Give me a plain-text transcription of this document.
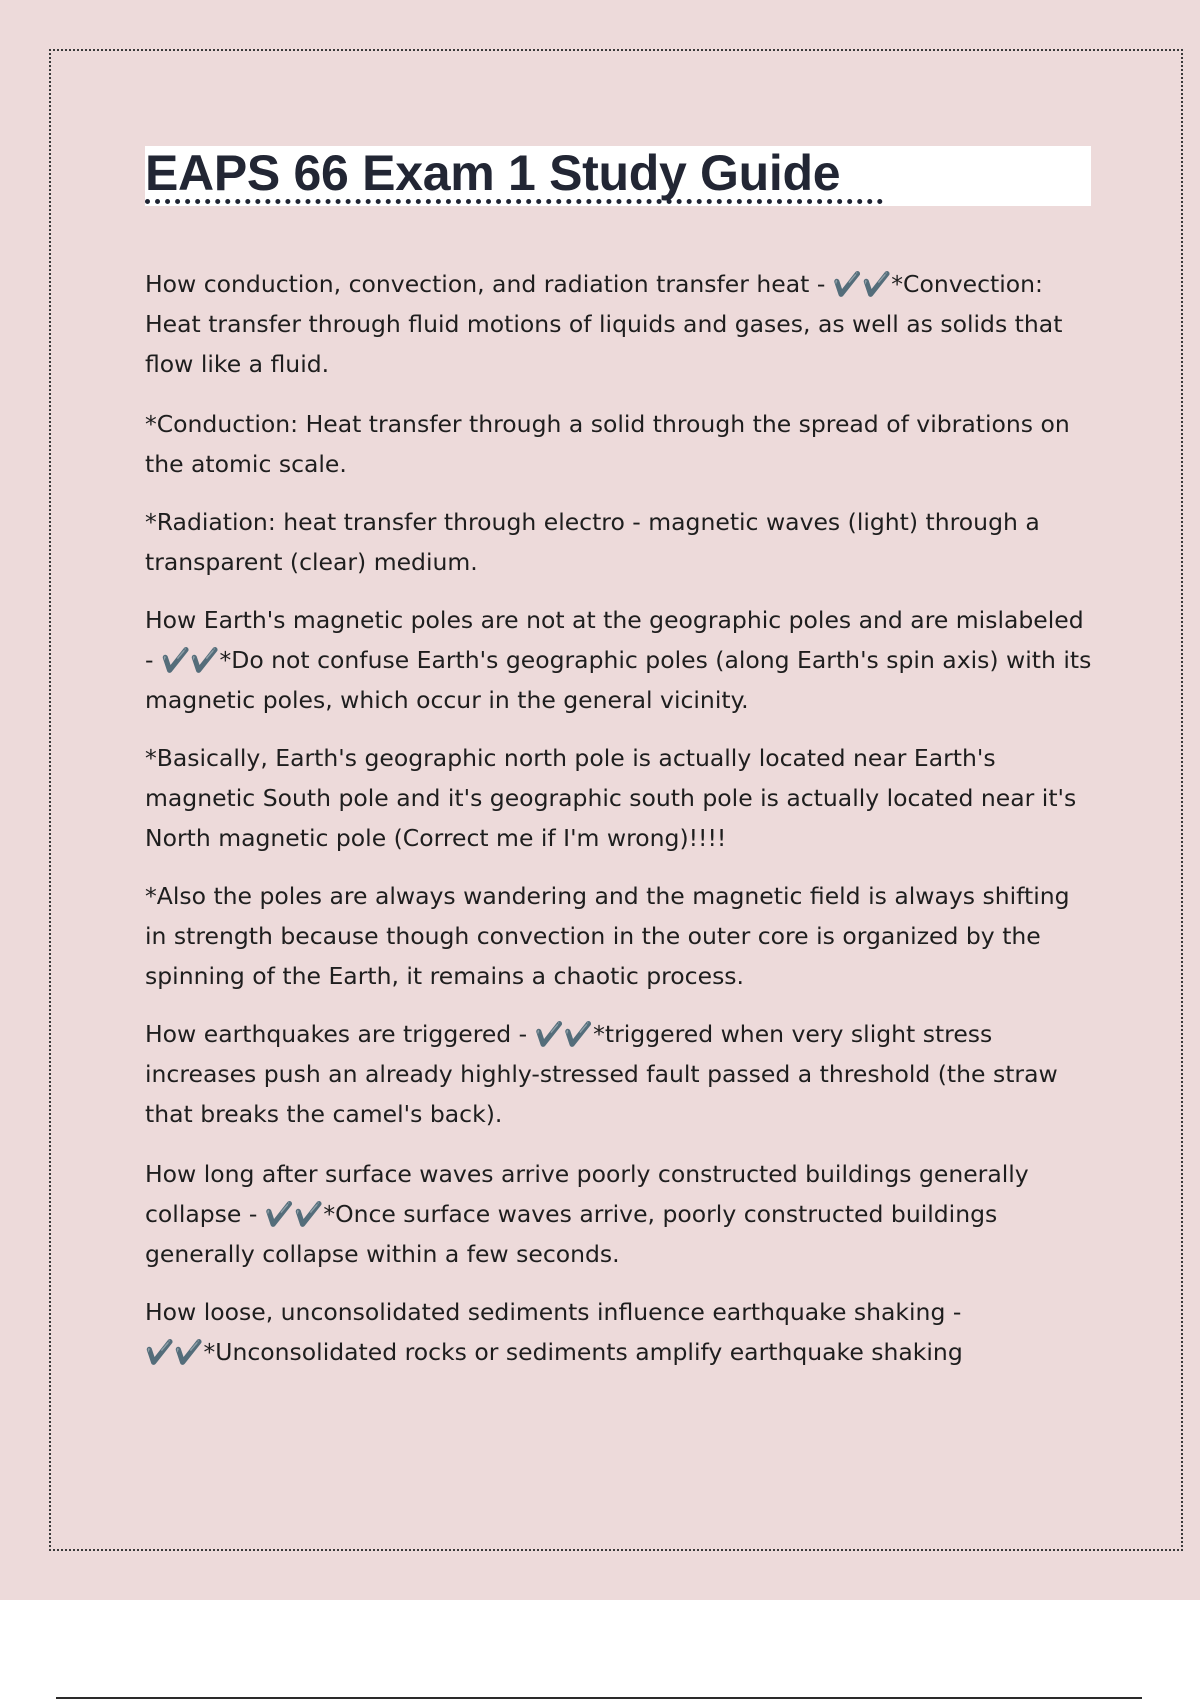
EAPS 66 Exam 1 Study Guide

How conduction, convection, and radiation transfer heat - ✔️✔️*Convection: Heat transfer through fluid motions of liquids and gases, as well as solids that flow like a fluid.

*Conduction: Heat transfer through a solid through the spread of vibrations on the atomic scale.

*Radiation: heat transfer through electro - magnetic waves (light) through a transparent (clear) medium.

How Earth's magnetic poles are not at the geographic poles and are mislabeled - ✔️✔️*Do not confuse Earth's geographic poles (along Earth's spin axis) with its magnetic poles, which occur in the general vicinity.

*Basically, Earth's geographic north pole is actually located near Earth's magnetic South pole and it's geographic south pole is actually located near it's North magnetic pole (Correct me if I'm wrong)!!!!

*Also the poles are always wandering and the magnetic field is always shifting in strength because though convection in the outer core is organized by the spinning of the Earth, it remains a chaotic process.

How earthquakes are triggered - ✔️✔️*triggered when very slight stress increases push an already highly-stressed fault passed a threshold (the straw that breaks the camel's back).

How long after surface waves arrive poorly constructed buildings generally collapse - ✔️✔️*Once surface waves arrive, poorly constructed buildings generally collapse within a few seconds.

How loose, unconsolidated sediments influence earthquake shaking - ✔️✔️*Unconsolidated rocks or sediments amplify earthquake shaking
